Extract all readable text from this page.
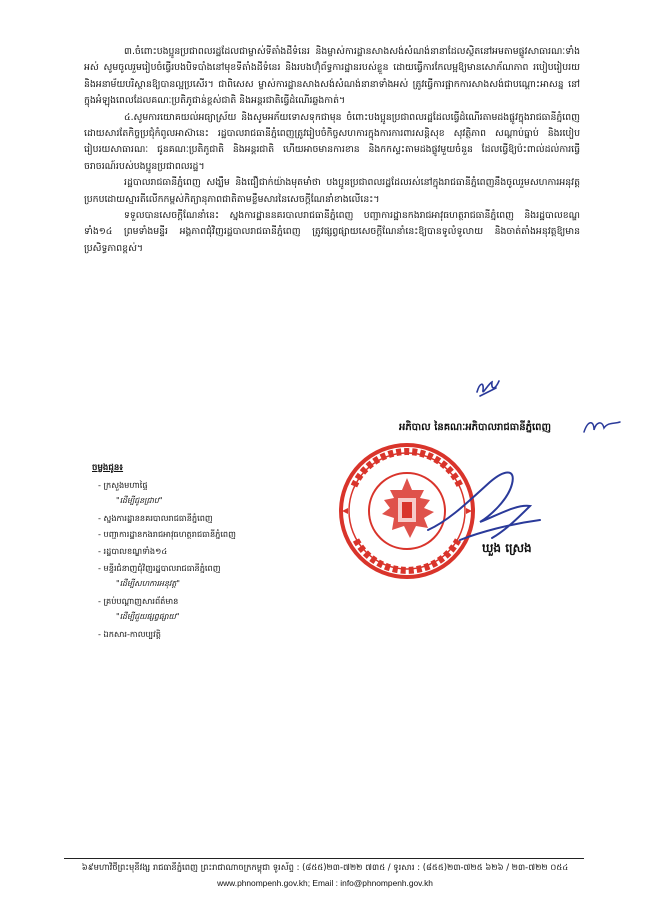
៣.ចំពោះបងប្អូនប្រជាពលរដ្ឋដែលជាម្ចាស់ទីតាំងដីទំនេរ និងម្ចាស់ការដ្ឋានសាងសង់សំណង់នានាដែលស្ថិតនៅអមតាមផ្លូវសាធារណៈទាំងអស់ សូមចូលរួមរៀបចំធ្វើរបងបិទបាំងនៅមុខទីតាំងដីទំនេរ និងរបងហ៊ុំព័ទ្ធការដ្ឋានរបស់ខ្លួន ដោយធ្វើការកែលម្អឱ្យមានសោភ័ណភាព របៀបរៀបរយ និងអនាម័យបរិស្ថានឱ្យបានល្អប្រសើរ។ ជាពិសេស ម្ចាស់ការដ្ឋានសាងសង់សំណង់នានាទាំងអស់ ត្រូវធ្វើការផ្អាកការសាងសង់ជាបណ្ដោះអាសន្ន នៅក្នុងអំឡុងពេលដែលគណៈប្រតិភូជាន់ខ្ពស់ជាតិ និងអន្តរជាតិធ្វើដំណើរឆ្លងកាត់។

៤.សូមការយោគយល់អធ្យាស្រ័យ និងសូមអភ័យទោសទុកជាមុន ចំពោះបងប្អូនប្រជាពលរដ្ឋដែលធ្វើដំណើរតាមដងផ្លូវក្នុងរាជធានីភ្នំពេញ ដោយសារតែកិច្ចប្រជុំកំពូលអាស៊ានេះ រដ្ឋបាលរាជធានីភ្នំពេញត្រូវរៀបចំកិច្ចសហការក្នុងការការពារសន្តិសុខ សុវត្ថិភាព សណ្ដាប់ធ្នាប់ និងរបៀបរៀបរយសាធារណៈ ជូនគណៈប្រតិភូជាតិ និងអន្តរជាតិ ហើយអាចមានការខាន និងកកស្ទះតាមដងផ្លូវមួយចំនួន ដែលធ្វើឱ្យប៉ះពាល់ដល់ការធ្វើចរាចរណ៍របស់បងប្អូនប្រជាពលរដ្ឋ។

រដ្ឋបាលរាជធានីភ្នំពេញ សង្ឃឹម និងជឿជាក់យ៉ាងមុតមាំថា បងប្អូនប្រជាពលរដ្ឋដែលរស់នៅក្នុងរាជធានីភ្នំពេញនឹងចូលរួមសហការអនុវត្តប្រកបដោយស្មារតីលើកកម្ពស់កិត្យានុភាពជាតិតាមខ្លឹមសារនៃសេចក្ដីណែនាំខាងលើនេះ។

ទទួលបានសេចក្ដីណែនាំនេះ ស្នងការដ្ឋាននគរបាលរាជធានីភ្នំពេញ បញ្ជាការដ្ឋានកងរាជអាវុធហត្ថរាជធានីភ្នំពេញ និងរដ្ឋបាលខណ្ឌទាំង១៤ ព្រមទាំងមន្ទីរ អង្គភាពជុំវិញរដ្ឋបាលរាជធានីភ្នំពេញ ត្រូវផ្សព្វផ្សាយសេចក្ដីណែនាំនេះឱ្យបានទូលំទូលាយ និងចាត់តាំងអនុវត្តឱ្យមានប្រសិទ្ធភាពខ្ពស់។

អភិបាល នៃគណៈអភិបាលរាជធានីភ្នំពេញ
ឃួង ស្រេង
ចម្លងជូន៖
- ក្រសួងមហាផ្ទៃ
"ដើម្បីជូនជ្រាប"
- ស្នងការដ្ឋាននគរបាលរាជធានីភ្នំពេញ
- បញ្ជាការដ្ឋានកងរាជអាវុធហត្ថរាជធានីភ្នំពេញ
- រដ្ឋបាលខណ្ឌទាំង១៤
- មន្ទីរជំនាញជុំវិញរដ្ឋបាលរាជធានីភ្នំពេញ
"ដើម្បីសហការអនុវត្ត"
- គ្រប់បណ្ដាញសារព័ត៌មាន
"ដើម្បីជួយផ្សព្វផ្សាយ"
- ឯកសារ-កាលប្បវត្តិ
៦៩មហាវិថីព្រះមុនីវង្ស រាជធានីភ្នំពេញ ព្រះរាជាណាចក្រកម្ពុជា ទូរស័ព្ទ : (៨៥៥)២៣-៧២២ ៧៣៥ / ទូរសារ : (៨៥៥)២៣-៧២៥ ៦២៦ / ២៣-៧២២ ០៥៤
www.phnompenh.gov.kh; Email : info@phnompenh.gov.kh
